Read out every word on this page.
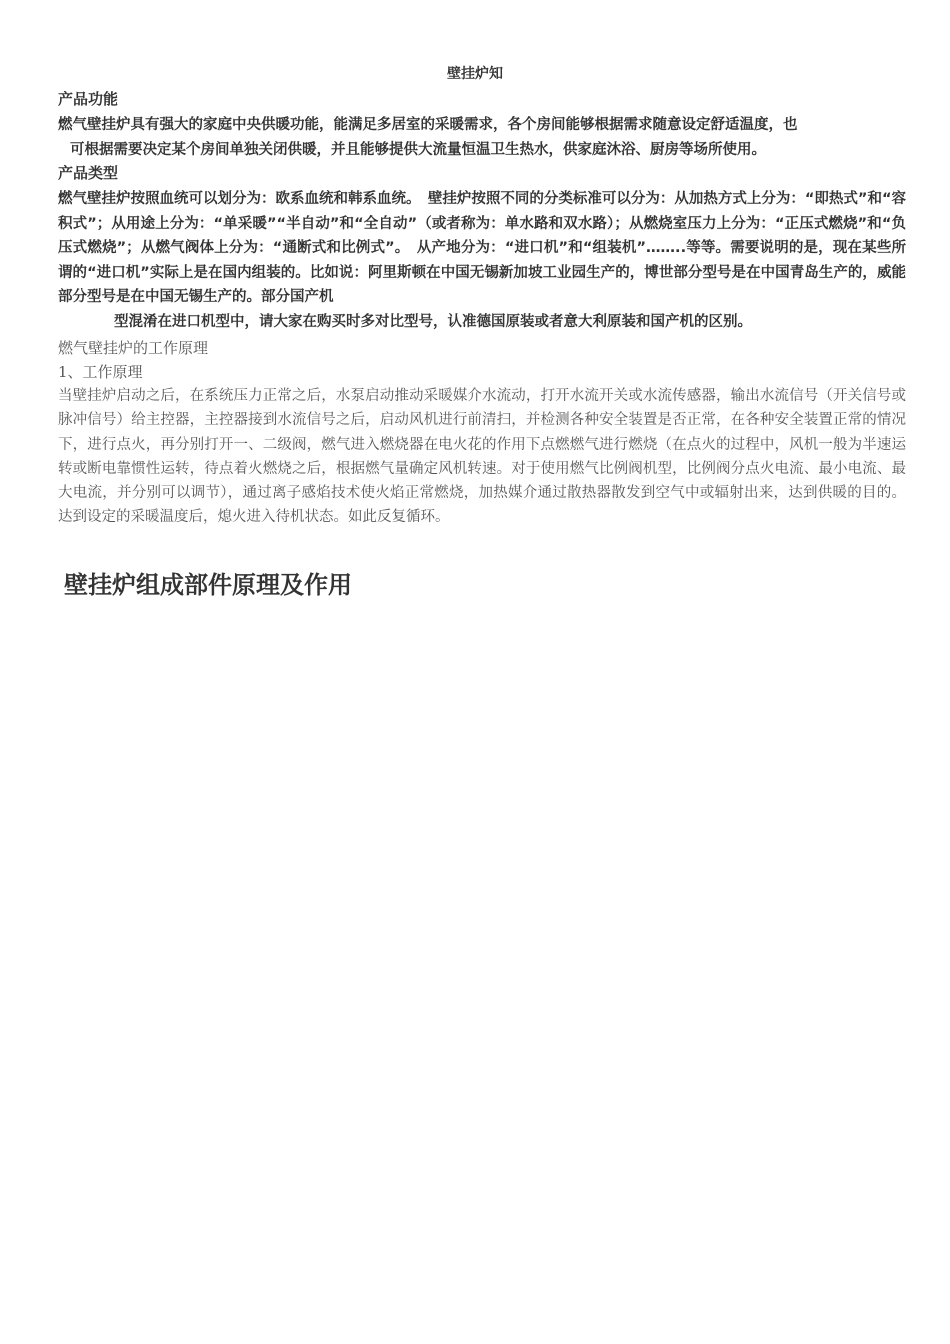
壁挂炉知

产品功能

燃气壁挂炉具有强大的家庭中央供暖功能，能满足多居室的采暖需求，各个房间能够根据需求随意设定舒适温度，也
可根据需要决定某个房间单独关闭供暖，并且能够提供大流量恒温卫生热水，供家庭沐浴、厨房等场所使用。

产品类型

燃气壁挂炉按照血统可以划分为：欧系血统和韩系血统。　壁挂炉按照不同的分类标准可以分为：从加热方式上分为：“即热式”和“容积式”；从用途上分为：“单采暖”“半自动”和“全自动”（或者称为：单水路和双水路）；从燃烧室压力上分为：“正压式燃烧”和“负压式燃烧”；从燃气阀体上分为：“通断式和比例式”。　从产地分为：“进口机”和“组装机”……..等等。需要说明的是，现在某些所谓的“进口机”实际上是在国内组装的。比如说：阿里斯顿在中国无锡新加坡工业园生产的，博世部分型号是在中国青岛生产的，威能部分型号是在中国无锡生产的。部分国产机
型混淆在进口机型中，请大家在购买时多对比型号，认准德国原装或者意大利原装和国产机的区别。

燃气壁挂炉的工作原理

1、工作原理

当壁挂炉启动之后，在系统压力正常之后，水泵启动推动采暖媒介水流动，打开水流开关或水流传感器，输出水流信号（开关信号或脉冲信号）给主控器，主控器接到水流信号之后，启动风机进行前清扫，并检测各种安全装置是否正常，在各种安全装置正常的情况下，进行点火，再分别打开一、二级阀，燃气进入燃烧器在电火花的作用下点燃燃气进行燃烧（在点火的过程中，风机一般为半速运转或断电靠惯性运转，待点着火燃烧之后，根据燃气量确定风机转速。对于使用燃气比例阀机型，比例阀分点火电流、最小电流、最大电流，并分别可以调节），通过离子感焰技术使火焰正常燃烧，加热媒介通过散热器散发到空气中或辐射出来，达到供暖的目的。达到设定的采暖温度后，熄火进入待机状态。如此反复循环。

壁挂炉组成部件原理及作用
